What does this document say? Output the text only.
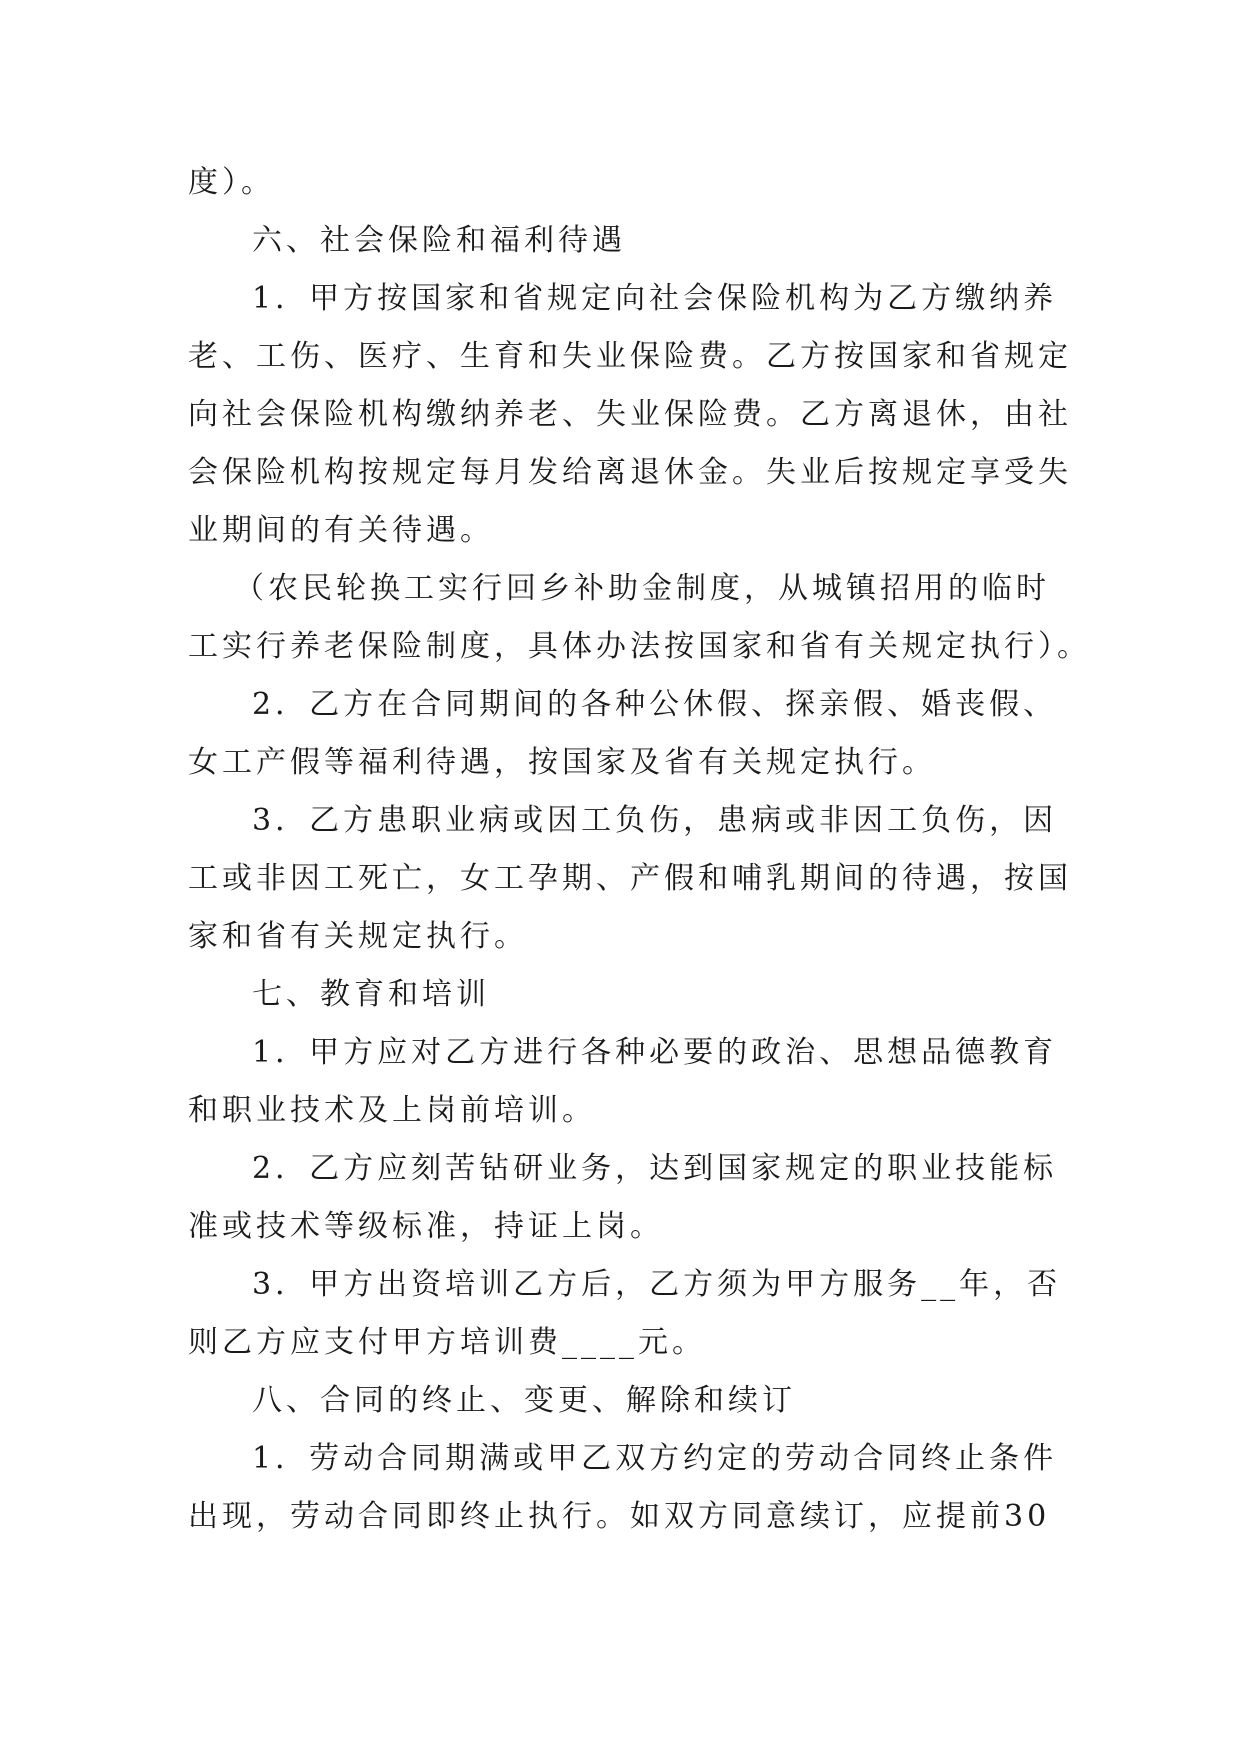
度）。
六、社会保险和福利待遇
1．甲方按国家和省规定向社会保险机构为乙方缴纳养
老、工伤、医疗、生育和失业保险费。乙方按国家和省规定
向社会保险机构缴纳养老、失业保险费。乙方离退休，由社
会保险机构按规定每月发给离退休金。失业后按规定享受失
业期间的有关待遇。
（农民轮换工实行回乡补助金制度，从城镇招用的临时
工实行养老保险制度，具体办法按国家和省有关规定执行）。
2．乙方在合同期间的各种公休假、探亲假、婚丧假、
女工产假等福利待遇，按国家及省有关规定执行。
3．乙方患职业病或因工负伤，患病或非因工负伤，因
工或非因工死亡，女工孕期、产假和哺乳期间的待遇，按国
家和省有关规定执行。
七、教育和培训
1．甲方应对乙方进行各种必要的政治、思想品德教育
和职业技术及上岗前培训。
2．乙方应刻苦钻研业务，达到国家规定的职业技能标
准或技术等级标准，持证上岗。
3．甲方出资培训乙方后，乙方须为甲方服务__年，否
则乙方应支付甲方培训费____元。
八、合同的终止、变更、解除和续订
1．劳动合同期满或甲乙双方约定的劳动合同终止条件
出现，劳动合同即终止执行。如双方同意续订，应提前30
